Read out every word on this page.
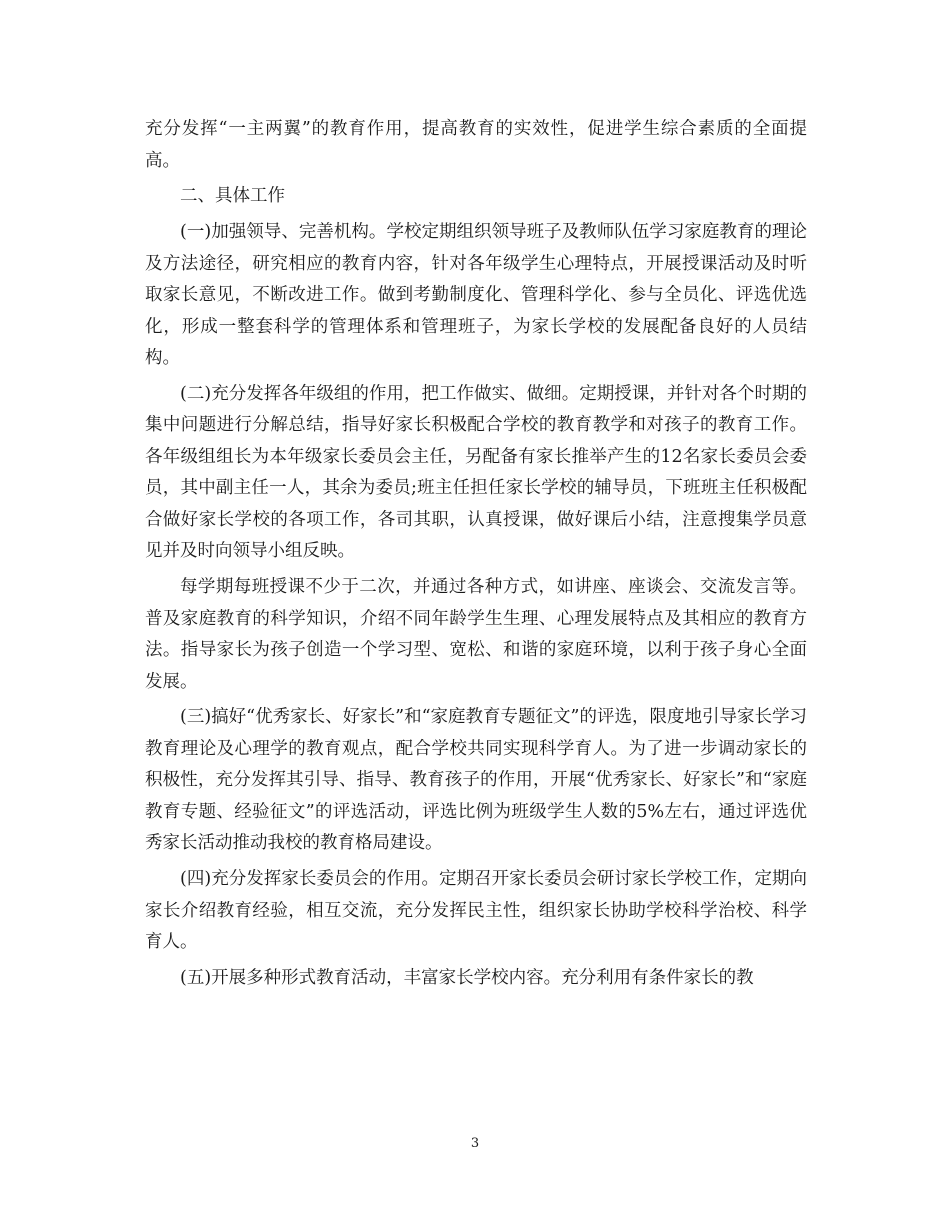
充分发挥“一主两翼”的教育作用，提高教育的实效性，促进学生综合素质的全面提高。

二、具体工作

(一)加强领导、完善机构。学校定期组织领导班子及教师队伍学习家庭教育的理论及方法途径，研究相应的教育内容，针对各年级学生心理特点，开展授课活动及时听取家长意见，不断改进工作。做到考勤制度化、管理科学化、参与全员化、评选优选化，形成一整套科学的管理体系和管理班子，为家长学校的发展配备良好的人员结构。

(二)充分发挥各年级组的作用，把工作做实、做细。定期授课，并针对各个时期的集中问题进行分解总结，指导好家长积极配合学校的教育教学和对孩子的教育工作。各年级组组长为本年级家长委员会主任，另配备有家长推举产生的12名家长委员会委员，其中副主任一人，其余为委员;班主任担任家长学校的辅导员，下班班主任积极配合做好家长学校的各项工作，各司其职，认真授课，做好课后小结，注意搜集学员意见并及时向领导小组反映。

每学期每班授课不少于二次，并通过各种方式，如讲座、座谈会、交流发言等。普及家庭教育的科学知识，介绍不同年龄学生生理、心理发展特点及其相应的教育方法。指导家长为孩子创造一个学习型、宽松、和谐的家庭环境，以利于孩子身心全面发展。

(三)搞好“优秀家长、好家长”和“家庭教育专题征文”的评选，限度地引导家长学习教育理论及心理学的教育观点，配合学校共同实现科学育人。为了进一步调动家长的积极性，充分发挥其引导、指导、教育孩子的作用，开展“优秀家长、好家长”和“家庭教育专题、经验征文”的评选活动，评选比例为班级学生人数的5%左右，通过评选优秀家长活动推动我校的教育格局建设。

(四)充分发挥家长委员会的作用。定期召开家长委员会研讨家长学校工作，定期向家长介绍教育经验，相互交流，充分发挥民主性，组织家长协助学校科学治校、科学育人。

(五)开展多种形式教育活动，丰富家长学校内容。充分利用有条件家长的教

3
